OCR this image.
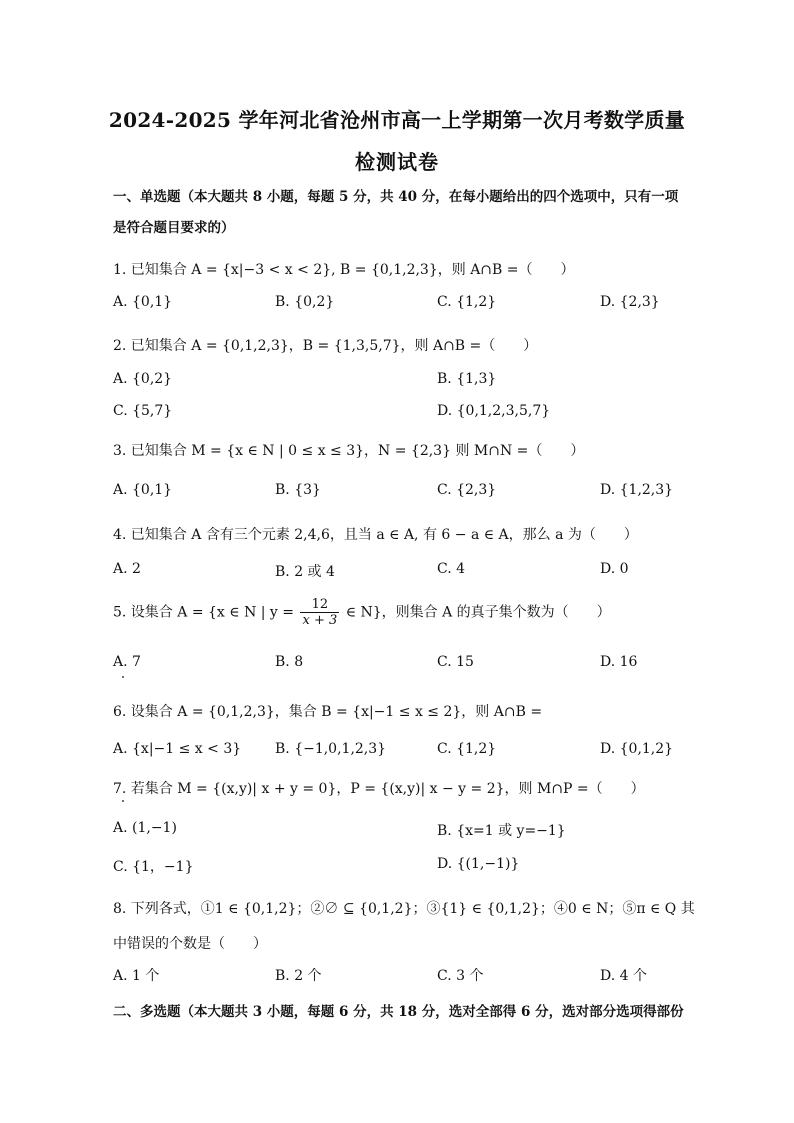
2024-2025 学年河北省沧州市高一上学期第一次月考数学质量
检测试卷
一、单选题（本大题共 8 小题，每题 5 分，共 40 分，在每小题给出的四个选项中，只有一项
是符合题目要求的）
1. 已知集合 A = {x|−3 < x < 2}, B = {0,1,2,3}，则 A∩B =（　　）
A. {0,1}	B. {0,2}	C. {1,2}	D. {2,3}
2. 已知集合 A = {0,1,2,3}，B = {1,3,5,7}，则 A∩B =（　　）
A. {0,2}	B. {1,3}
C. {5,7}	D. {0,1,2,3,5,7}
3. 已知集合 M = {x ∈ N | 0 ≤ x ≤ 3}，N = {2,3} 则 M∩N =（　　）
A. {0,1}	B. {3}	C. {2,3}	D. {1,2,3}
4. 已知集合 A 含有三个元素 2,4,6，且当 a ∈ A, 有 6 − a ∈ A，那么 a 为（　　）
A. 2	B. 2 或 4	C. 4	D. 0
5. 设集合 A = {x ∈ N | $y = \frac{12}{x + 3}$ ∈ N}，则集合 A 的真子集个数为（　　）
A. 7	B. 8	C. 15	D. 16
6. 设集合 A = {0,1,2,3}，集合 B = {x|−1 ≤ x ≤ 2}，则 A∩B =
A. {x|−1 ≤ x < 3} B. {−1,0,1,2,3}	C. {1,2}	D. {0,1,2}
7. 若集合 M = {(x,y)| x + y = 0}，P = {(x,y)| x − y = 2}，则 M∩P =（　　）
A. (1,−1)	B. {x=1 或 y=−1}
C. {1，−1}	D. {(1,−1)}
8. 下列各式，①1 ∈ {0,1,2}；②∅ ⊆ {0,1,2}；③{1} ∈ {0,1,2}；④0 ∈ N；⑤π ∈ Q 其
中错误的个数是（　　）
A. 1 个	B. 2 个	C. 3 个	D. 4 个
二、多选题（本大题共 3 小题，每题 6 分，共 18 分，选对全部得 6 分，选对部分选项得部份
